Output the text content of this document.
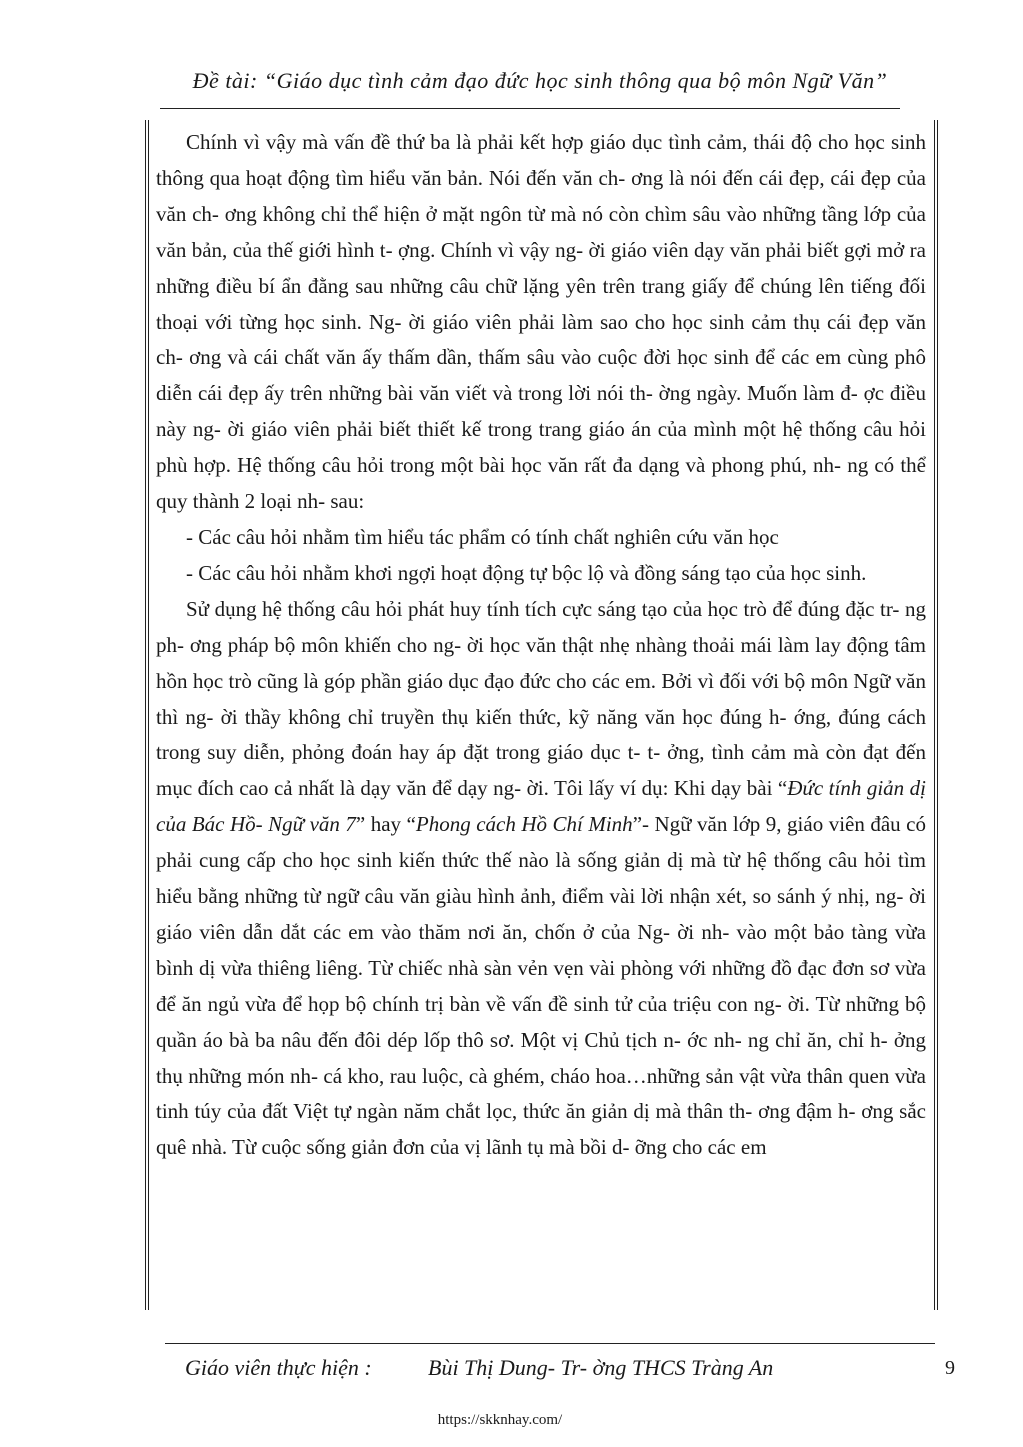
Đề tài: “Giáo dục tình cảm đạo đức học sinh thông qua bộ môn Ngữ Văn”

Chính vì vậy mà vấn đề thứ ba là phải kết hợp giáo dục tình cảm, thái độ cho học sinh thông qua hoạt động tìm hiểu văn bản. Nói đến văn ch- ơng là nói đến cái đẹp, cái đẹp của văn ch- ơng không chỉ thể hiện ở mặt ngôn từ mà nó còn chìm sâu vào những tầng lớp của văn bản, của thế giới hình t- ợng. Chính vì vậy ng- ời giáo viên dạy văn phải biết gợi mở ra những điều bí ẩn đằng sau những câu chữ lặng yên trên trang giấy để chúng lên tiếng đối thoại với từng học sinh. Ng- ời giáo viên phải làm sao cho học sinh cảm thụ cái đẹp văn ch- ơng và cái chất văn ấy thấm dần, thấm sâu vào cuộc đời học sinh để các em cùng phô diễn cái đẹp ấy trên những bài văn viết và trong lời nói th- ờng ngày. Muốn làm đ- ợc điều này ng- ời giáo viên phải biết thiết kế trong trang giáo án của mình một hệ thống câu hỏi phù hợp. Hệ thống câu hỏi trong một bài học văn rất đa dạng và phong phú, nh- ng có thể quy thành 2 loại nh- sau:

- Các câu hỏi nhằm tìm hiểu tác phẩm có tính chất nghiên cứu văn học

- Các câu hỏi nhằm khơi ngợi hoạt động tự bộc lộ và đồng sáng tạo của học sinh.

Sử dụng hệ thống câu hỏi phát huy tính tích cực sáng tạo của học trò để đúng đặc tr- ng ph- ơng pháp bộ môn khiến cho ng- ời học văn thật nhẹ nhàng thoải mái làm lay động tâm hồn học trò cũng là góp phần giáo dục đạo đức cho các em. Bởi vì đối với bộ môn Ngữ văn thì ng- ời thầy không chỉ truyền thụ kiến thức, kỹ năng văn học đúng h- ớng, đúng cách trong suy diễn, phỏng đoán hay áp đặt trong giáo dục t- t- ởng, tình cảm mà còn đạt đến mục đích cao cả nhất là dạy văn để dạy ng- ời. Tôi lấy ví dụ: Khi dạy bài “Đức tính giản dị của Bác Hồ- Ngữ văn 7” hay “Phong cách Hồ Chí Minh”- Ngữ văn lớp 9, giáo viên đâu có phải cung cấp cho học sinh kiến thức thế nào là sống giản dị mà từ hệ thống câu hỏi tìm hiểu bằng những từ ngữ câu văn giàu hình ảnh, điểm vài lời nhận xét, so sánh ý nhị, ng- ời giáo viên dẫn dắt các em vào thăm nơi ăn, chốn ở của Ng- ời nh- vào một bảo tàng vừa bình dị vừa thiêng liêng. Từ chiếc nhà sàn vẻn vẹn vài phòng với những đồ đạc đơn sơ vừa để ăn ngủ vừa để họp bộ chính trị bàn về vấn đề sinh tử của triệu con ng- ời. Từ những bộ quần áo bà ba nâu đến đôi dép lốp thô sơ. Một vị Chủ tịch n- ớc nh- ng chỉ ăn, chỉ h- ởng thụ những món nh- cá kho, rau luộc, cà ghém, cháo hoa…những sản vật vừa thân quen vừa tinh túy của đất Việt tự ngàn năm chắt lọc, thức ăn giản dị mà thân th- ơng đậm h- ơng sắc quê nhà. Từ cuộc sống giản đơn của vị lãnh tụ mà bồi d- ỡng cho các em

Giáo viên thực hiện :	Bùi Thị Dung- Tr- ờng THCS Tràng An	9
https://skknhay.com/
